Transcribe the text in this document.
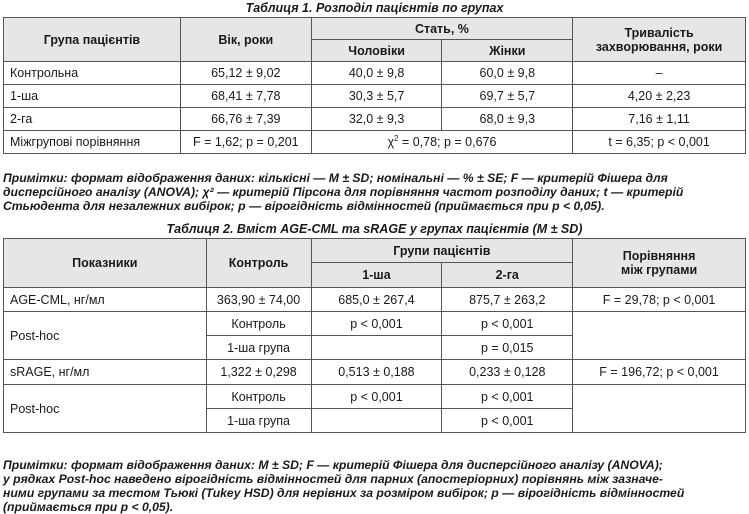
Таблиця 1. Розподіл пацієнтів по групах
Група пацієнтів	Вік, роки	Стать, %		Тривалість
захворювання, роки

		Чоловіки	Жінки	
Контрольна	65,12 ± 9,02	40,0 ± 9,8	60,0 ± 9,8	–
1-ша	68,41 ± 7,78	30,3 ± 5,7	69,7 ± 5,7	4,20 ± 2,23
2-га	66,76 ± 7,39	32,0 ± 9,3	68,0 ± 9,3	7,16 ± 1,11
Міжгрупові порівняння	F = 1,62; p = 0,201	$\chi^2 = 0,78$; p = 0,676		t = 6,35; p < 0,001
Примітки: формат відображення даних: кількісні — M ± SD; номінальні — % ± SE; F — критерій Фішера для
дисперсійного аналізу (ANOVA); χ² — критерій Пірсона для порівняння частот розподілу даних; t — критерій
Стьюдента для незалежних вибірок; p — вірогідність відмінностей (приймається при p < 0,05).
Таблиця 2. Вміст AGE-CML та sRAGE у групах пацієнтів (M ± SD)
Показники	Контроль	Групи пацієнтів		Порівняння
між групами

		1-ша	2-га	
AGE-CML, нг/мл	363,90 ± 74,00	685,0 ± 267,4	875,7 ± 263,2	F = 29,78; p < 0,001
Post-hoc	Контроль	p < 0,001	p < 0,001	
	1-ша група		p = 0,015	
sRAGE, нг/мл	1,322 ± 0,298	0,513 ± 0,188	0,233 ± 0,128	F = 196,72; p < 0,001
Post-hoc	Контроль	p < 0,001	p < 0,001	
	1-ша група		p < 0,001	
Примітки: формат відображення даних: M ± SD; F — критерій Фішера для дисперсійного аналізу (ANOVA);
у рядках Post-hoc наведено вірогідність відмінностей для парних (апостеріорних) порівнянь між зазначе-
ними групами за тестом Тьюкі (Tukey HSD) для нерівних за розміром вибірок; p — вірогідність відмінностей
(приймається при p < 0,05).
